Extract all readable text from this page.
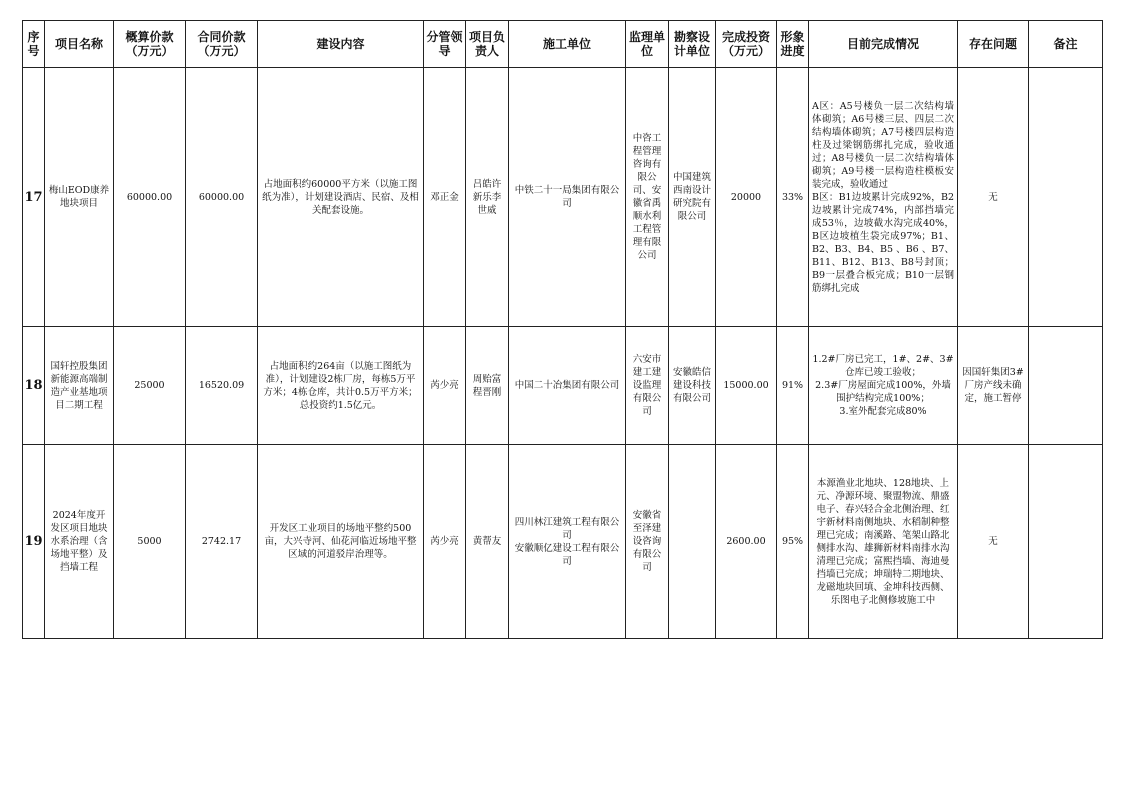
序号	项目名称	概算价款（万元）	合同价款（万元）	建设内容	分管领导	项目负责人	施工单位	监理单位	勘察设计单位	完成投资（万元）	形象进度	目前完成情况	存在问题	备注
17	梅山EOD康养地块项目	60000.00	60000.00	占地面积约60000平方米（以施工图纸为准），计划建设酒店、民宿、及相关配套设施。	邓正金	吕皓许新乐李世威	中铁二十一局集团有限公司	中咨工程管理咨询有限公司、安徽省禹顺水利工程管理有限公司	中国建筑西南设计研究院有限公司	20000	33%	A区：A5号楼负一层二次结构墙体砌筑；A6号楼三层、四层二次结构墙体砌筑；A7号楼四层构造柱及过梁钢筋绑扎完成，验收通过；A8号楼负一层二次结构墙体砌筑；A9号楼一层构造柱模板安装完成，验收通过
B区：B1边坡累计完成92%，B2边坡累计完成74%，内部挡墙完成53％，边坡截水沟完成40%，B区边坡植生袋完成97%；B1、B2、B3、B4、B5 、B6 、B7、B11、B12、B13、B8号封顶；B9一层叠合板完成；B10一层钢筋绑扎完成	无	
18	国轩控股集团新能源高端制造产业基地项目二期工程	25000	16520.09	占地面积约264亩（以施工图纸为准），计划建设2栋厂房，每栋5万平方米；4栋仓库，共计0.5万平方米；总投资约1.5亿元。	芮少亮	周贻富程晋刚	中国二十冶集团有限公司	六安市建工建设监理有限公司	安徽皓信建设科技有限公司	15000.00	91%	1.2#厂房已完工，1#、2#、3#仓库已竣工验收；
2.3#厂房屋面完成100%，外墙围护结构完成100%；
3.室外配套完成80%	因国轩集团3#厂房产线未确定，施工暂停	
19	2024年度开发区项目地块水系治理（含场地平整）及挡墙工程	5000	2742.17	开发区工业项目的场地平整约500亩，大兴寺河、仙花河临近场地平整区域的河道驳岸治理等。	芮少亮	黄帮友	四川林江建筑工程有限公司
安徽顺亿建设工程有限公司	安徽省至泽建设咨询有限公司		2600.00	95%	本源渔业北地块、128地块、上元、净源环境、聚盟物流、鼎盛电子、春兴轻合金北侧治理、红宇新材料南侧地块、水稻制种整理已完成；南溪路、笔架山路北侧排水沟、雄狮新材料南排水沟清理已完成；富熙挡墙、海迪曼挡墙已完成；坤瑞特二期地块、龙磁地块回填、金坤科技西侧、乐图电子北侧修坡施工中	无	
